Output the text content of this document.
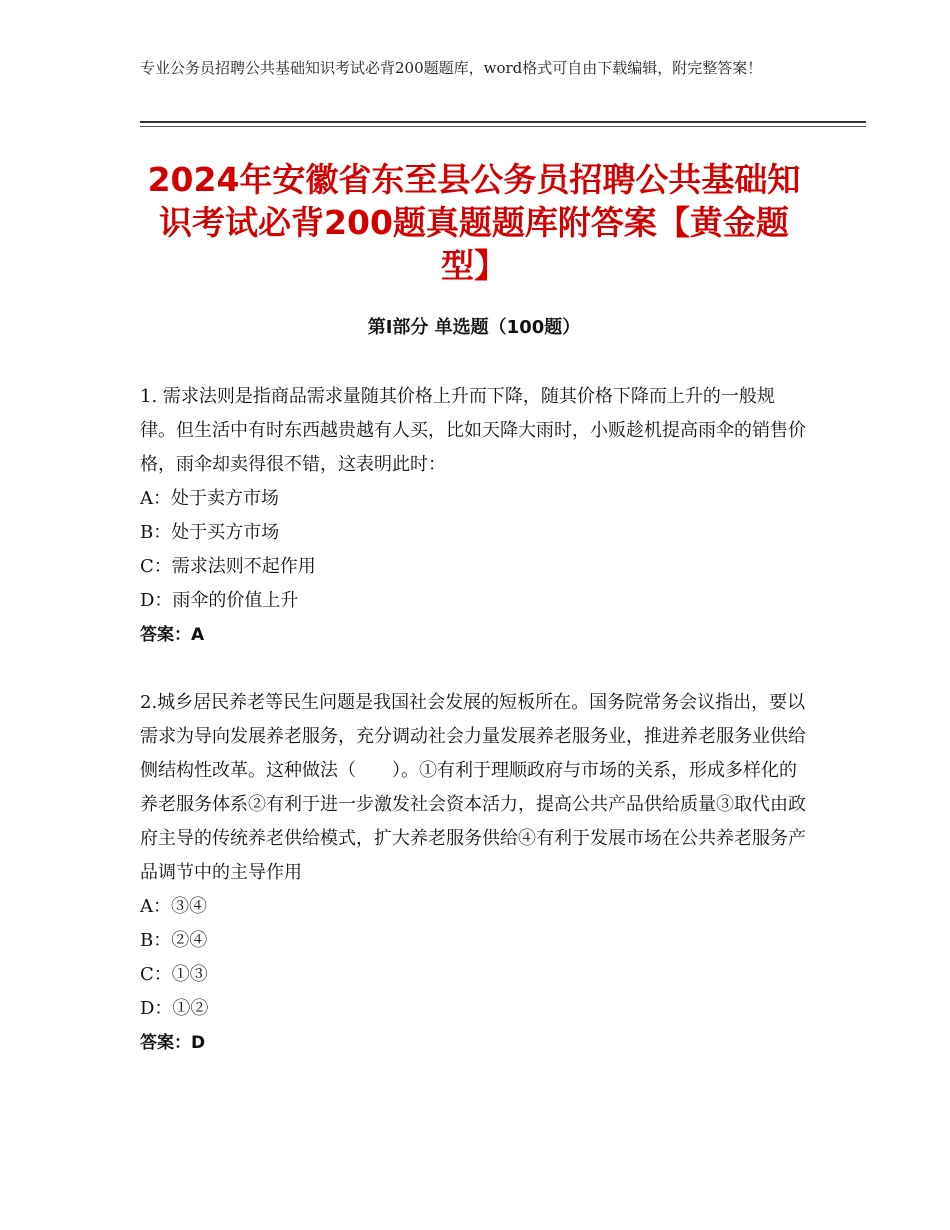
专业公务员招聘公共基础知识考试必背200题题库，word格式可自由下载编辑，附完整答案！
2024年安徽省东至县公务员招聘公共基础知识考试必背200题真题题库附答案【黄金题型】
第Ⅰ部分 单选题（100题）

1. 需求法则是指商品需求量随其价格上升而下降，随其价格下降而上升的一般规律。但生活中有时东西越贵越有人买，比如天降大雨时，小贩趁机提高雨伞的销售价格，雨伞却卖得很不错，这表明此时：

A：处于卖方市场

B：处于买方市场

C：需求法则不起作用

D：雨伞的价值上升

答案：A

2.城乡居民养老等民生问题是我国社会发展的短板所在。国务院常务会议指出，要以需求为导向发展养老服务，充分调动社会力量发展养老服务业，推进养老服务业供给侧结构性改革。这种做法（　　）。①有利于理顺政府与市场的关系，形成多样化的养老服务体系②有利于进一步激发社会资本活力，提高公共产品供给质量③取代由政府主导的传统养老供给模式，扩大养老服务供给④有利于发展市场在公共养老服务产品调节中的主导作用

A：③④

B：②④

C：①③

D：①②

答案：D
